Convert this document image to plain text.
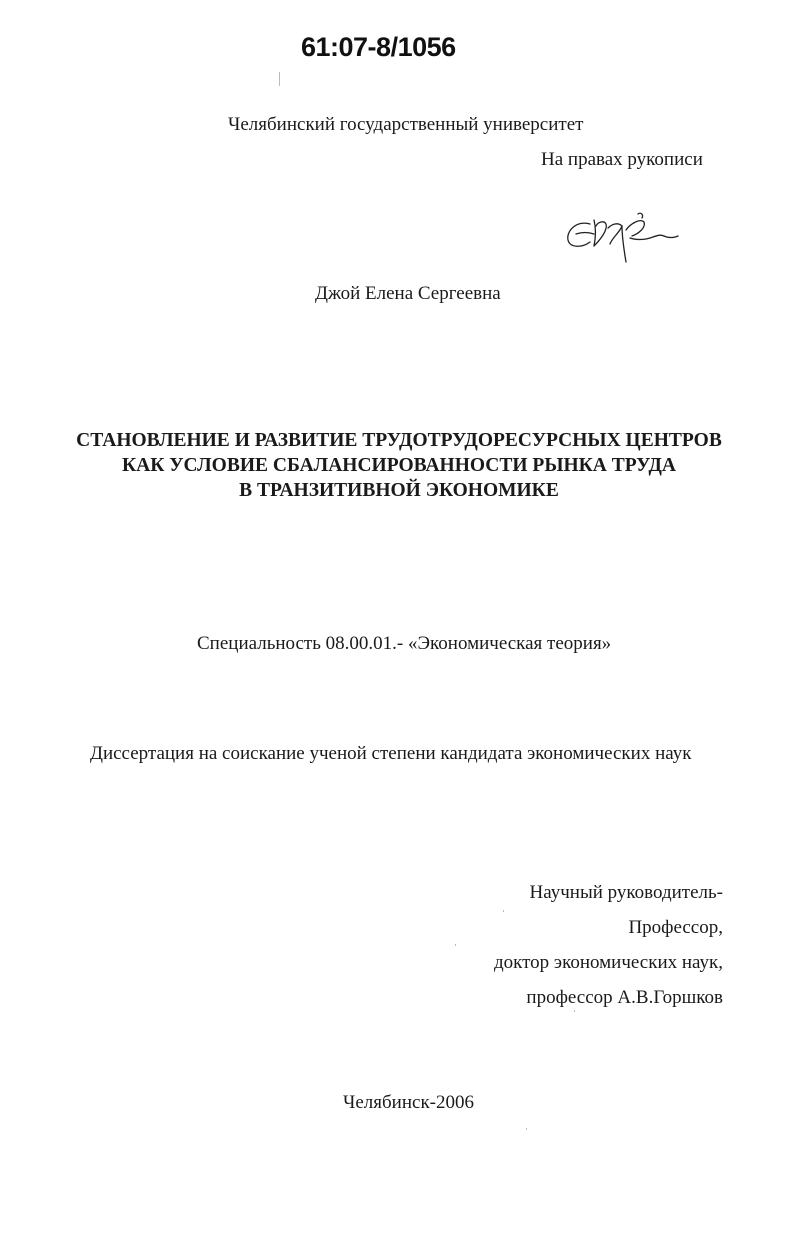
61:07-8/1056
Челябинский государственный университет
На правах рукописи
Джой Елена Сергеевна
СТАНОВЛЕНИЕ И РАЗВИТИЕ ТРУДОТРУДОРЕСУРСНЫХ ЦЕНТРОВ
КАК УСЛОВИЕ СБАЛАНСИРОВАННОСТИ РЫНКА ТРУДА
В ТРАНЗИТИВНОЙ ЭКОНОМИКЕ
Специальность 08.00.01.- «Экономическая теория»
Диссертация на соискание ученой степени кандидата экономических наук
Научный руководитель-
Профессор,
доктор экономических наук,
профессор А.В.Горшков
Челябинск-2006
